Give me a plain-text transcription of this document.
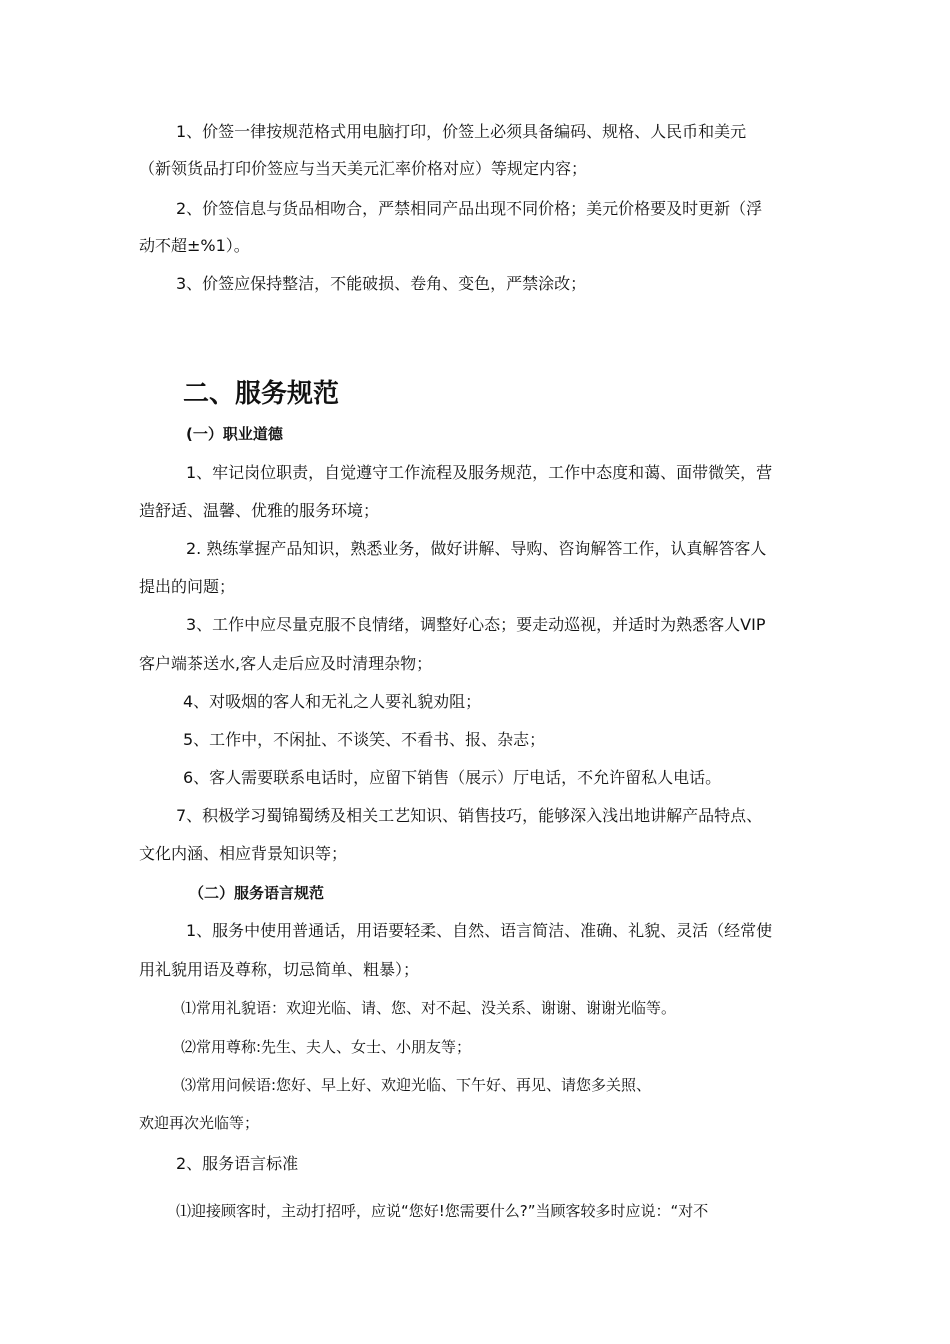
1、价签一律按规范格式用电脑打印，价签上必须具备编码、规格、人民币和美元
（新领货品打印价签应与当天美元汇率价格对应）等规定内容；
2、价签信息与货品相吻合，严禁相同产品出现不同价格；美元价格要及时更新（浮
动不超±%1）。
3、价签应保持整洁，不能破损、卷角、变色，严禁涂改；
二、服务规范
(一）职业道德
1、牢记岗位职责，自觉遵守工作流程及服务规范，工作中态度和蔼、面带微笑，营
造舒适、温馨、优雅的服务环境；
2. 熟练掌握产品知识，熟悉业务，做好讲解、导购、咨询解答工作，认真解答客人
提出的问题；
3、工作中应尽量克服不良情绪，调整好心态；要走动巡视，并适时为熟悉客人VIP
客户端茶送水,客人走后应及时清理杂物；
4、对吸烟的客人和无礼之人要礼貌劝阻；
5、工作中，不闲扯、不谈笑、不看书、报、杂志；
6、客人需要联系电话时，应留下销售（展示）厅电话，不允许留私人电话。
7、积极学习蜀锦蜀绣及相关工艺知识、销售技巧，能够深入浅出地讲解产品特点、
文化内涵、相应背景知识等；
（二）服务语言规范
1、服务中使用普通话，用语要轻柔、自然、语言简洁、准确、礼貌、灵活（经常使
用礼貌用语及尊称，切忌简单、粗暴）；
⑴常用礼貌语：欢迎光临、请、您、对不起、没关系、谢谢、谢谢光临等。
⑵常用尊称:先生、夫人、女士、小朋友等；
⑶常用问候语:您好、早上好、欢迎光临、下午好、再见、请您多关照、
欢迎再次光临等；
2、服务语言标准
⑴迎接顾客时，主动打招呼，应说“您好!您需要什么?”当顾客较多时应说：“对不
